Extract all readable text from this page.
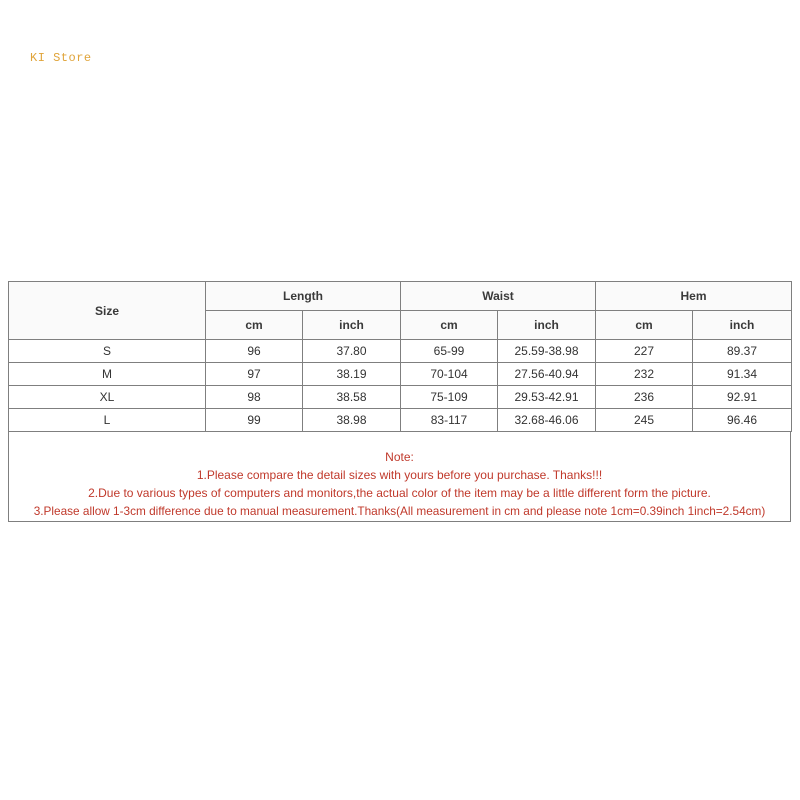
KI Store
Size	Length		Waist		Hem	
	cm	inch	cm	inch	cm	inch
S	96	37.80	65-99	25.59-38.98	227	89.37
M	97	38.19	70-104	27.56-40.94	232	91.34
XL	98	38.58	75-109	29.53-42.91	236	92.91
L	99	38.98	83-117	32.68-46.06	245	96.46
Note:
1.Please compare the detail sizes with yours before you purchase. Thanks!!!
2.Due to various types of computers and monitors,the actual color of the item may be a little different form the picture.
3.Please allow 1-3cm difference due to manual measurement.Thanks(All measurement in cm and please note 1cm=0.39inch 1inch=2.54cm)
